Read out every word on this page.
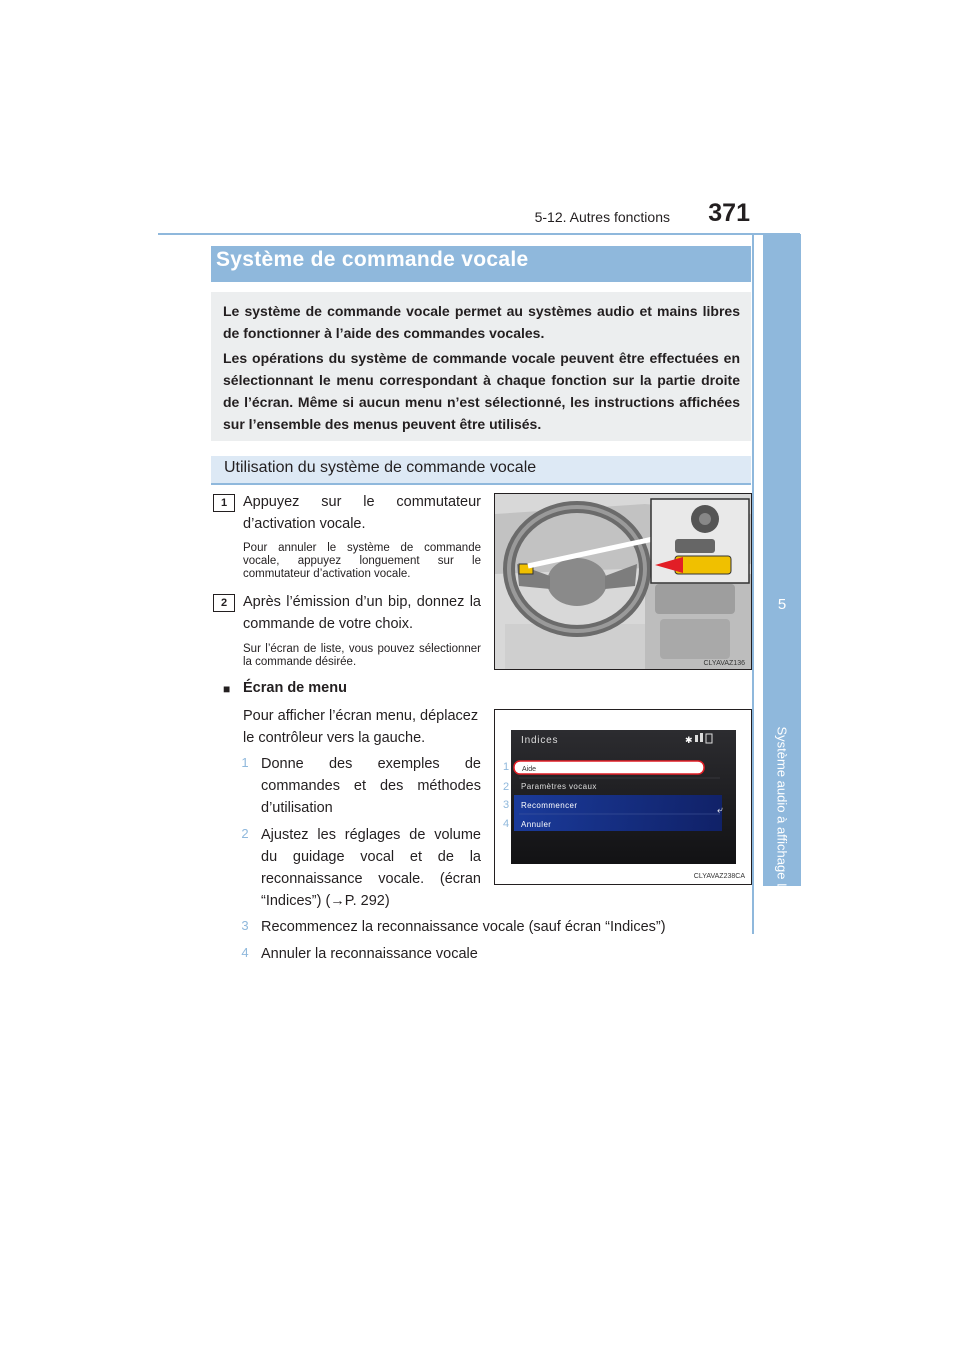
5-12. Autres fonctions	371
5
Système audio à affichage Lexus
Système de commande vocale

Le système de commande vocale permet au systèmes audio et mains libres de fonctionner à l’aide des commandes vocales.

Les opérations du système de commande vocale peuvent être effectuées en sélectionnant le menu correspondant à chaque fonction sur la partie droite de l’écran. Même si aucun menu n’est sélectionné, les instructions affichées sur l’ensemble des menus peuvent être utilisés.

Utilisation du système de commande vocale
1	Appuyez sur le commutateur d’activation vocale.
Pour annuler le système de commande vocale, appuyez longuement sur le commutateur d’activation vocale.
2	Après l’émission d’un bip, donnez la commande de votre choix.
Sur l’écran de liste, vous pouvez sélectionner la commande désirée.	CLYAVAZ136
■ Écran de menu
Pour afficher l’écran menu, déplacez le contrôleur vers la gauche.
1 Donne des exemples de commandes et des méthodes d’utilisation
2 Ajustez les réglages de volume du guidage vocal et de la reconnaissance vocale. (écran “Indices”) (→P. 292)
3 Recommencez la reconnaissance vocale (sauf écran “Indices”)
4 Annuler la reconnaissance vocale
Indices	✱
Aide
Paramètres vocaux
Recommencer
Annuler
⤶
1
2
3
4
CLYAVAZ238CA
